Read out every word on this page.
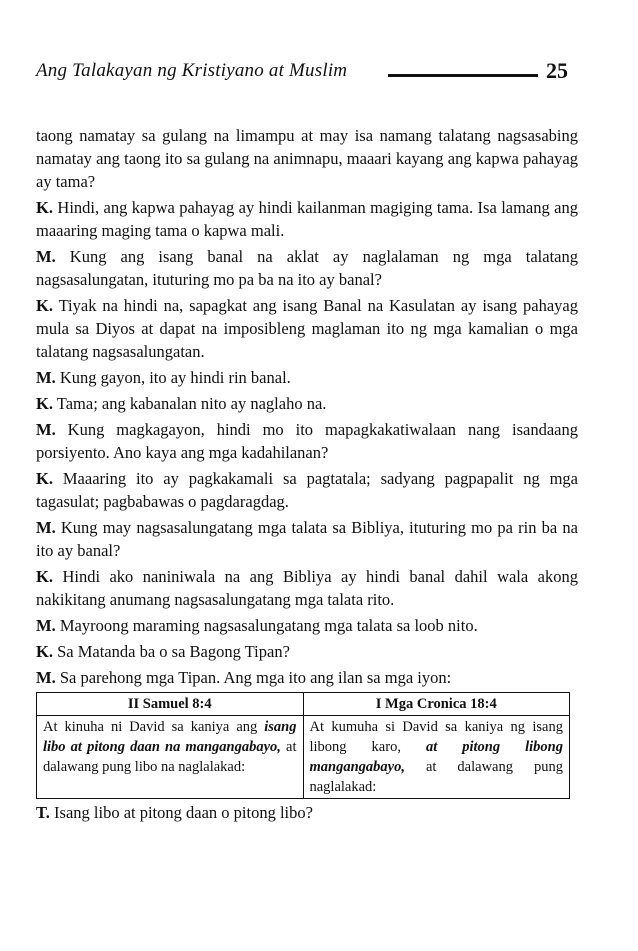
Ang Talakayan ng Kristiyano at Muslim	25

taong namatay sa gulang na limampu at may isa namang talatang nagsasabing namatay ang taong ito sa gulang na animnapu, maaari kayang ang kapwa pahayag ay tama?

K. Hindi, ang kapwa pahayag ay hindi kailanman magiging tama. Isa lamang ang maaaring maging tama o kapwa mali.

M. Kung ang isang banal na aklat ay naglalaman ng mga talatang nagsasalungatan, ituturing mo pa ba na ito ay banal?

K. Tiyak na hindi na, sapagkat ang isang Banal na Kasulatan ay isang pahayag mula sa Diyos at dapat na imposibleng maglaman ito ng mga kamalian o mga talatang nagsasalungatan.

M. Kung gayon, ito ay hindi rin banal.

K. Tama; ang kabanalan nito ay naglaho na.

M. Kung magkagayon, hindi mo ito mapagkakatiwalaan nang isandaang porsiyento. Ano kaya ang mga kadahilanan?

K. Maaaring ito ay pagkakamali sa pagtatala; sadyang pagpapalit ng mga tagasulat; pagbabawas o pagdaragdag.

M. Kung may nagsasalungatang mga talata sa Bibliya, ituturing mo pa rin ba na ito ay banal?

K. Hindi ako naniniwala na ang Bibliya ay hindi banal dahil wala akong nakikitang anumang nagsasalungatang mga talata rito.

M. Mayroong maraming nagsasalungatang mga talata sa loob nito.

K. Sa Matanda ba o sa Bagong Tipan?

M. Sa parehong mga Tipan. Ang mga ito ang ilan sa mga iyon:

II Samuel 8:4	I Mga Cronica 18:4
At kinuha ni David sa kaniya ang isang libo at pitong daan na mangangabayo, at dalawang pung libo na naglalakad:	At kumuha si David sa kaniya ng isang libong karo, at pitong libong mangangabayo, at dalawang pung naglalakad:

T. Isang libo at pitong daan o pitong libo?
